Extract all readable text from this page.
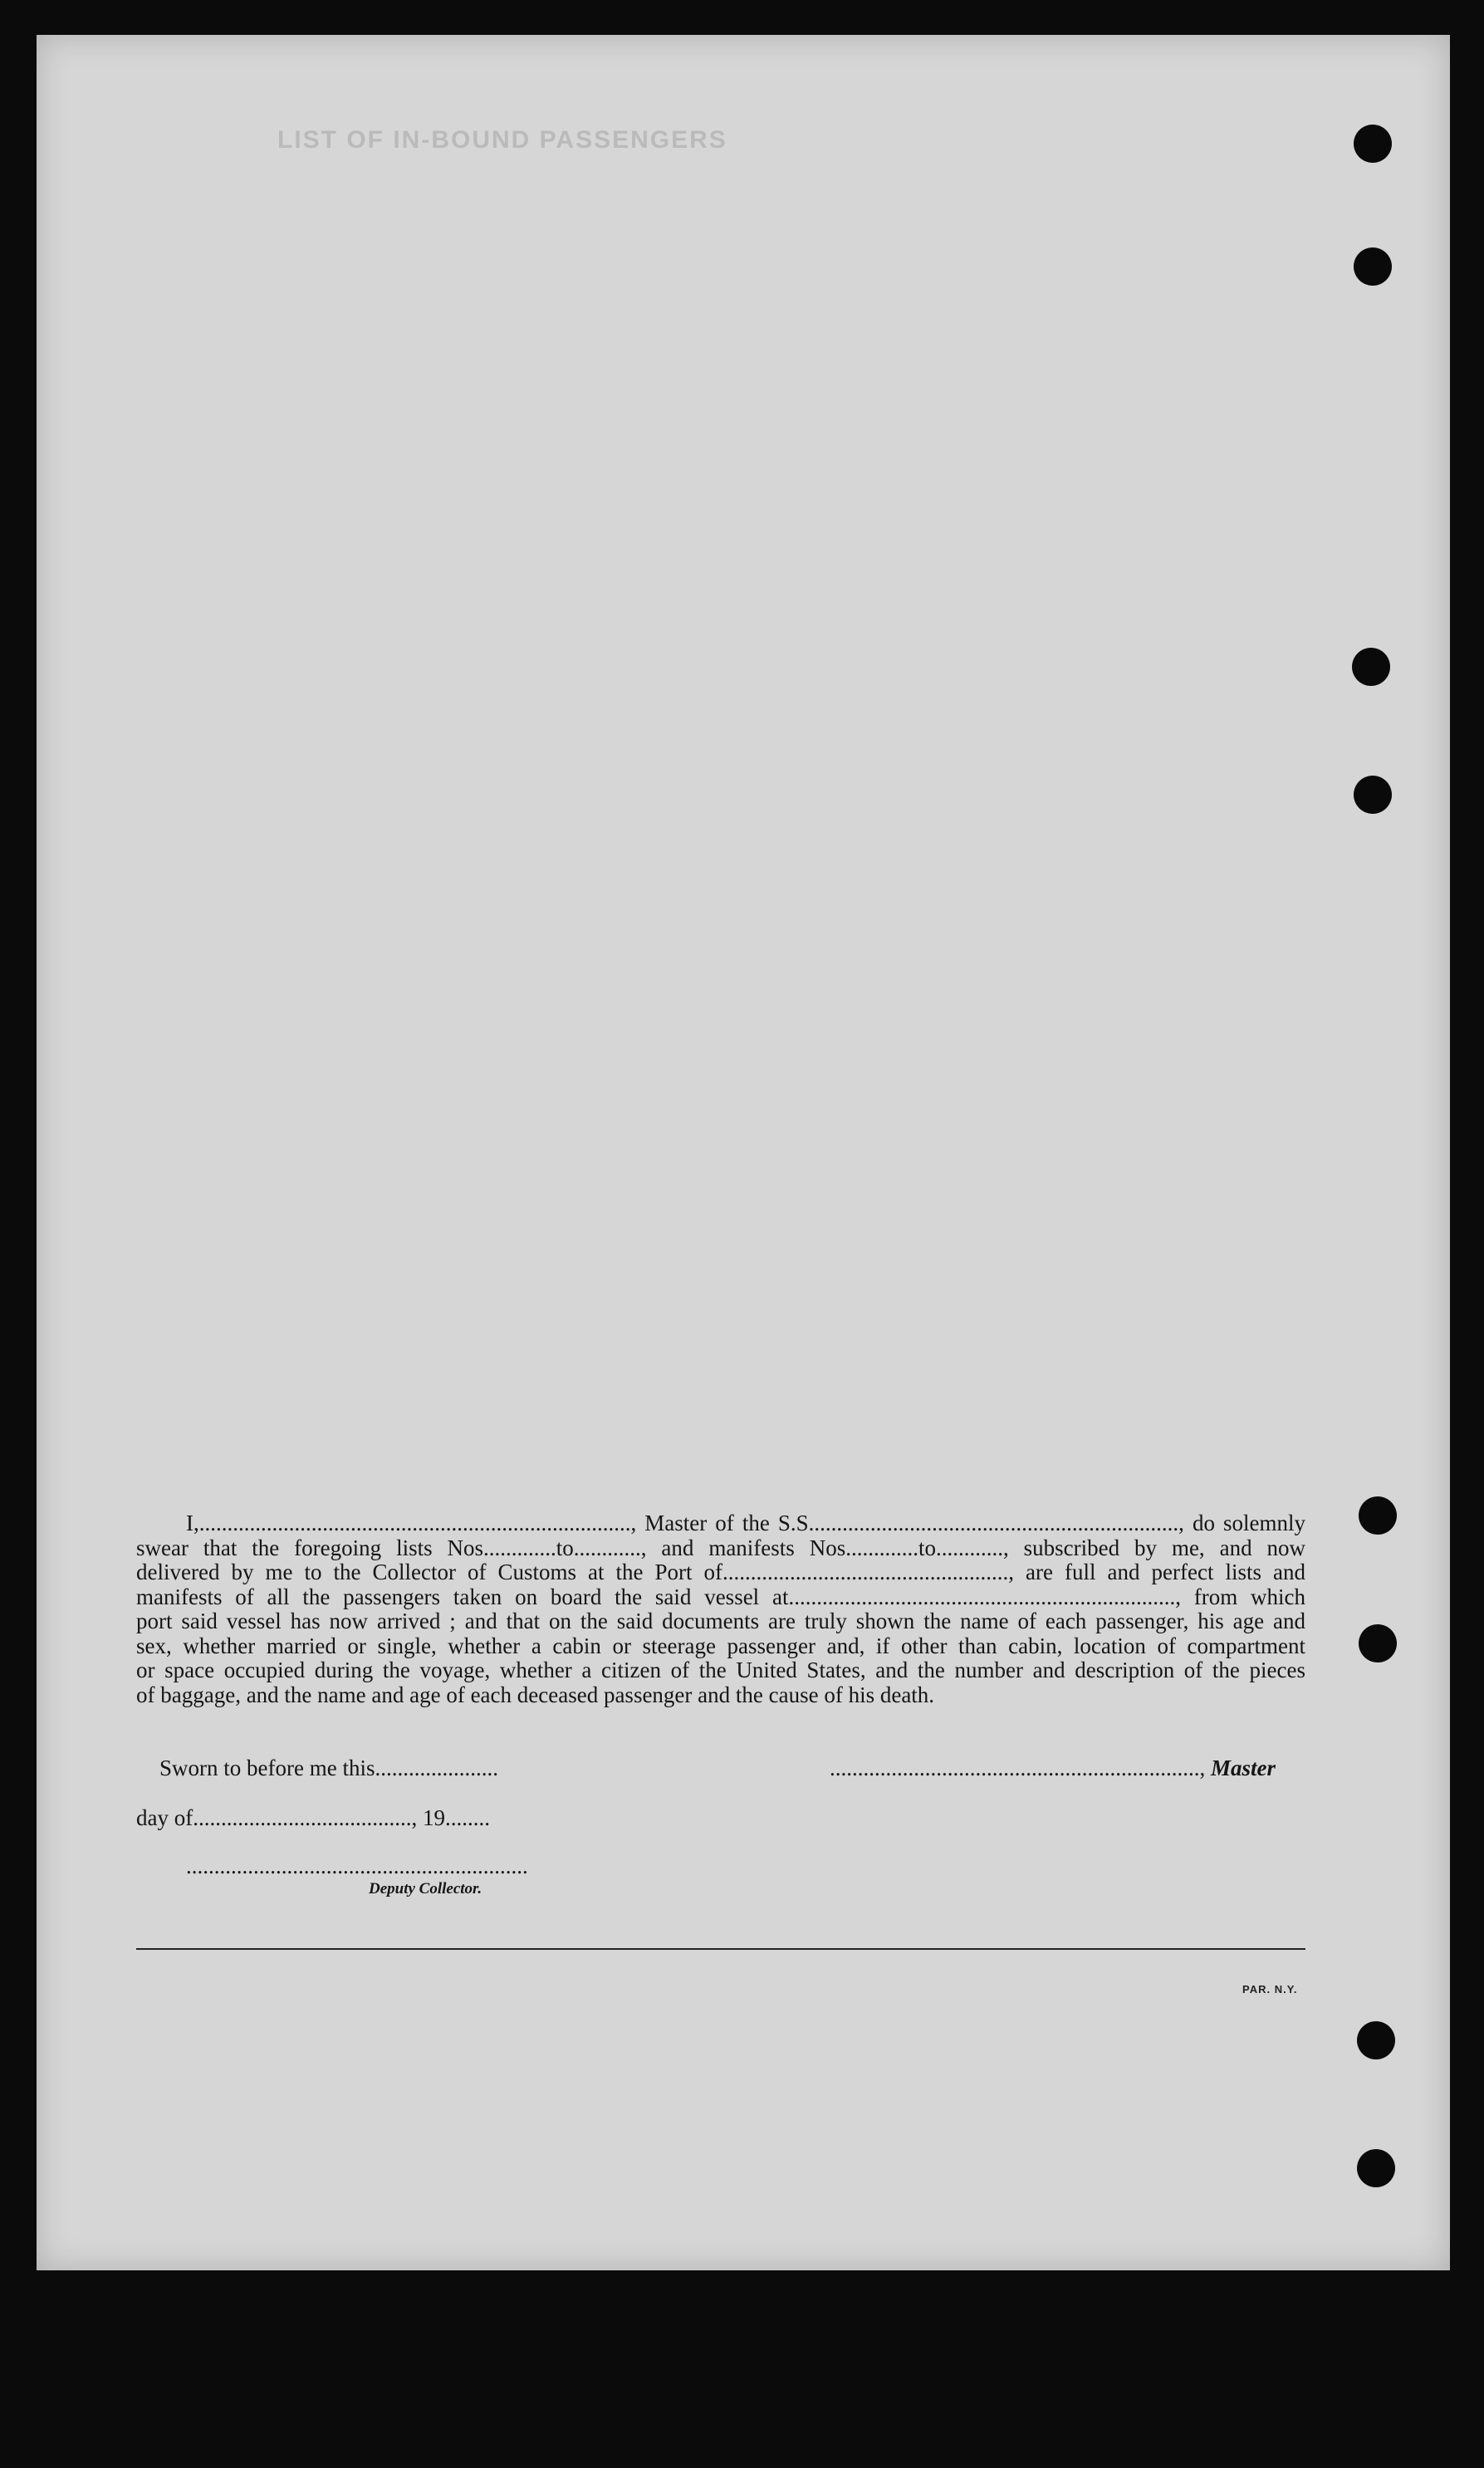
LIST OF IN-BOUND PASSENGERS
I,............................................................................., Master of the S.S.................................................................., do solemnly
swear that the foregoing lists Nos.............to............, and manifests Nos.............to............, subscribed by me, and now
delivered by me to the Collector of Customs at the Port of..................................................., are full and perfect lists and
manifests of all the passengers taken on board the said vessel at....................................................................., from which
port said vessel has now arrived ; and that on the said documents are truly shown the name of each passenger, his age and
sex, whether married or single, whether a cabin or steerage passenger and, if other than cabin, location of compartment
or space occupied during the voyage, whether a citizen of the United States, and the number and description of the pieces
of baggage, and the name and age of each deceased passenger and the cause of his death.
Sworn to before me this......................	.................................................................., Master
day of......................................., 19........
.............................................................
Deputy Collector.
PAR. N.Y.
